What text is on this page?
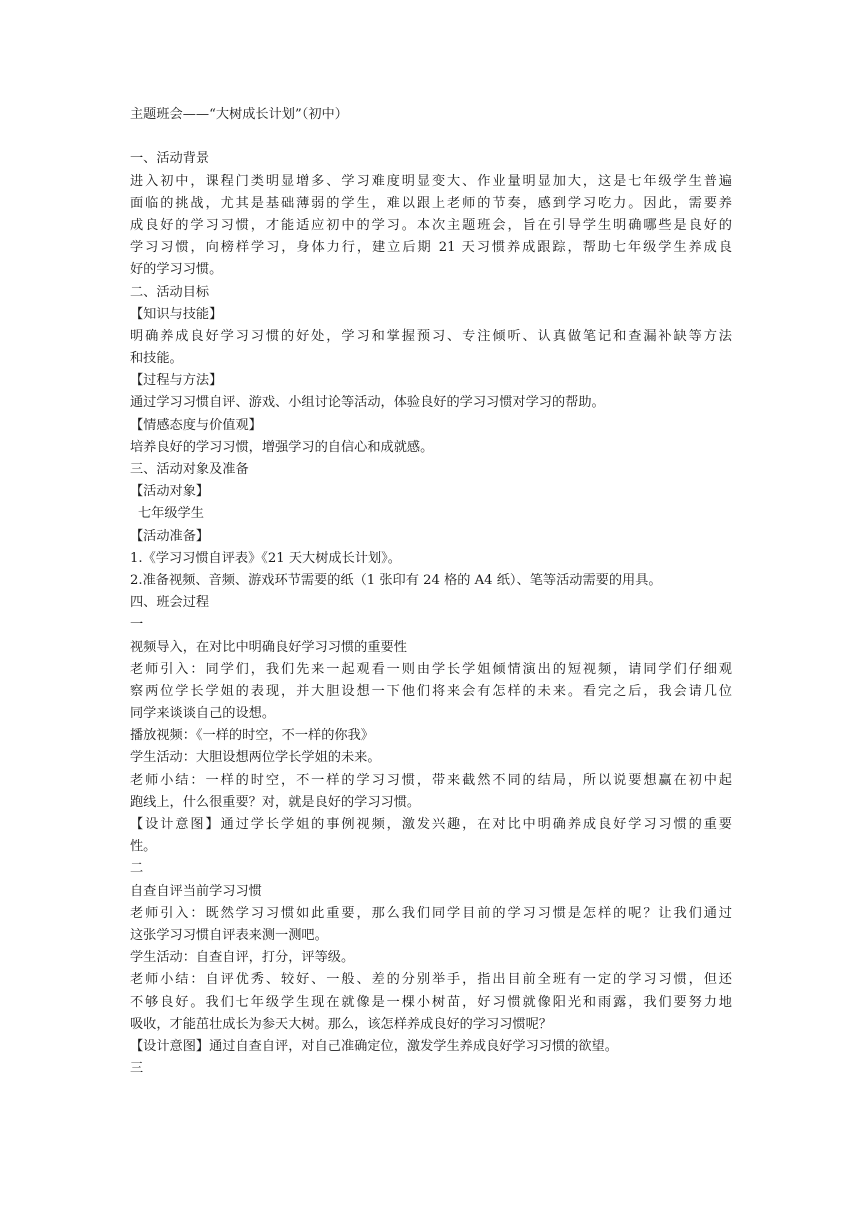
主题班会——“大树成长计划”（初中）
一、活动背景
进入初中，课程门类明显增多、学习难度明显变大、作业量明显加大，这是七年级学生普遍
面临的挑战，尤其是基础薄弱的学生，难以跟上老师的节奏，感到学习吃力。因此，需要养
成良好的学习习惯，才能适应初中的学习。本次主题班会，旨在引导学生明确哪些是良好的
学习习惯，向榜样学习，身体力行，建立后期 21 天习惯养成跟踪，帮助七年级学生养成良
好的学习习惯。
二、活动目标
【知识与技能】
明确养成良好学习习惯的好处，学习和掌握预习、专注倾听、认真做笔记和查漏补缺等方法
和技能。
【过程与方法】
通过学习习惯自评、游戏、小组讨论等活动，体验良好的学习习惯对学习的帮助。
【情感态度与价值观】
培养良好的学习习惯，增强学习的自信心和成就感。
三、活动对象及准备
【活动对象】
七年级学生
【活动准备】
1.《学习习惯自评表》《21 天大树成长计划》。
2.准备视频、音频、游戏环节需要的纸（1 张印有 24 格的 A4 纸）、笔等活动需要的用具。
四、班会过程
一
视频导入，在对比中明确良好学习习惯的重要性
老师引入：同学们，我们先来一起观看一则由学长学姐倾情演出的短视频，请同学们仔细观
察两位学长学姐的表现，并大胆设想一下他们将来会有怎样的未来。看完之后，我会请几位
同学来谈谈自己的设想。
播放视频：《一样的时空，不一样的你我》
学生活动：大胆设想两位学长学姐的未来。
老师小结：一样的时空，不一样的学习习惯，带来截然不同的结局，所以说要想赢在初中起
跑线上，什么很重要？对，就是良好的学习习惯。
【设计意图】通过学长学姐的事例视频，激发兴趣，在对比中明确养成良好学习习惯的重要
性。
二
自查自评当前学习习惯
老师引入：既然学习习惯如此重要，那么我们同学目前的学习习惯是怎样的呢？让我们通过
这张学习习惯自评表来测一测吧。
学生活动：自查自评，打分，评等级。
老师小结：自评优秀、较好、一般、差的分别举手，指出目前全班有一定的学习习惯，但还
不够良好。我们七年级学生现在就像是一棵小树苗，好习惯就像阳光和雨露，我们要努力地
吸收，才能茁壮成长为参天大树。那么，该怎样养成良好的学习习惯呢？
【设计意图】通过自查自评，对自己准确定位，激发学生养成良好学习习惯的欲望。
三
